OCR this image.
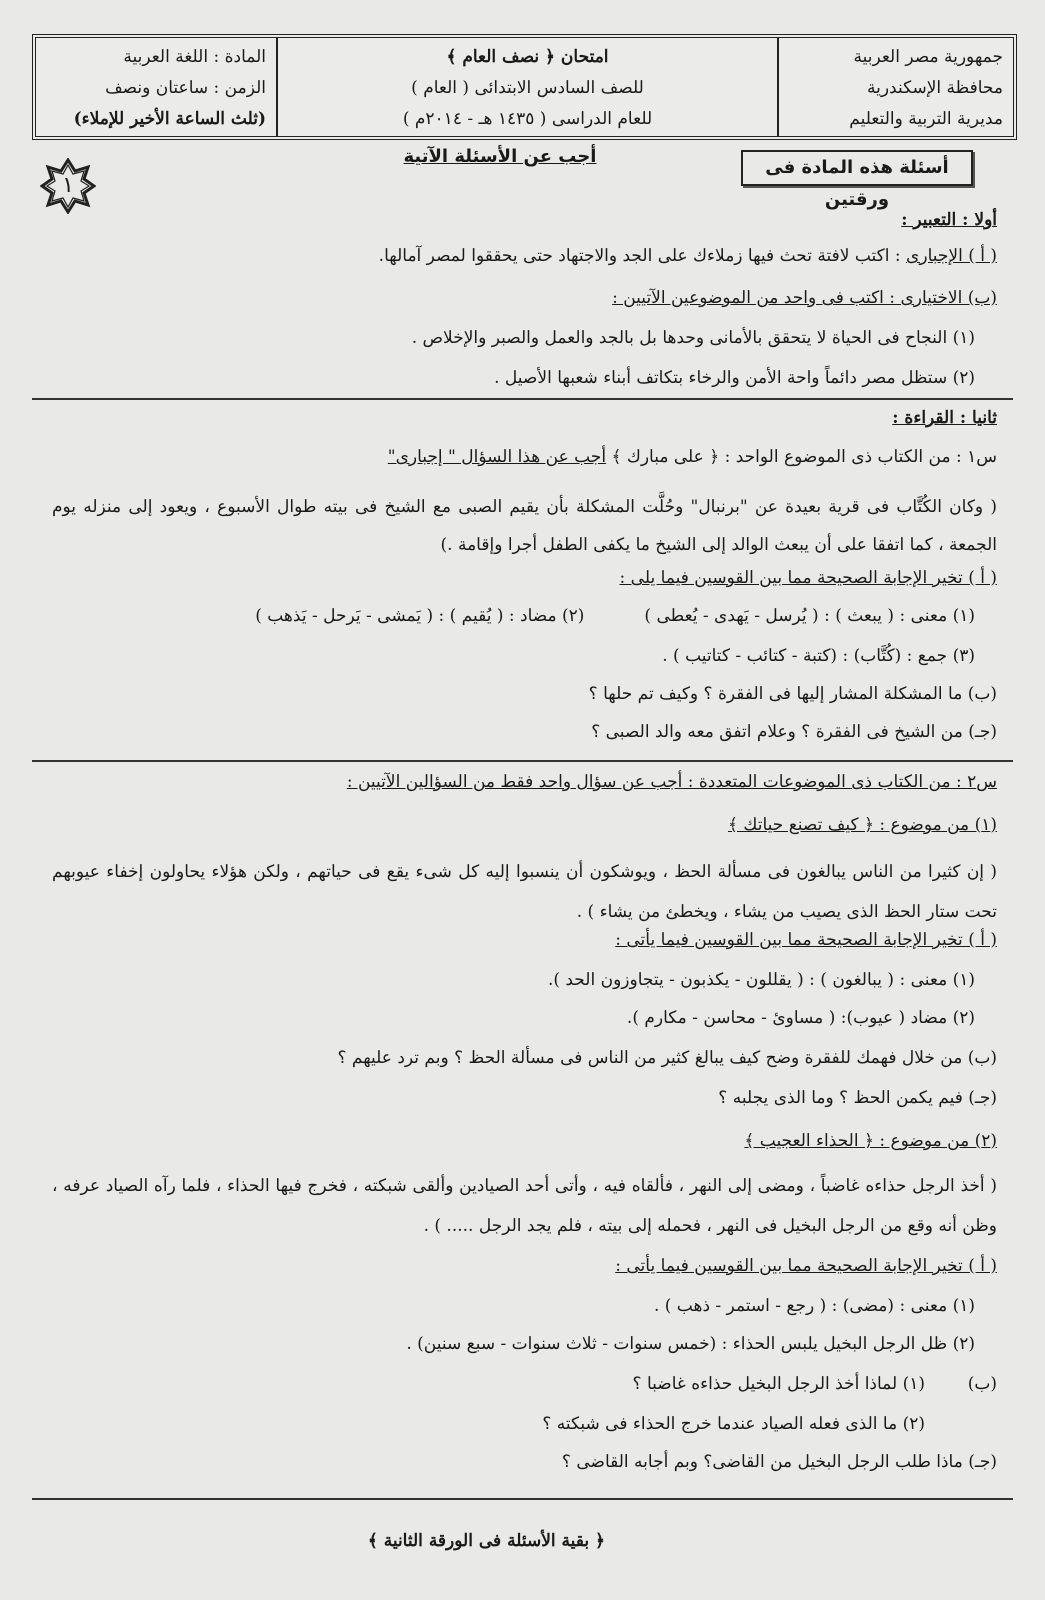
جمهورية مصر العربية
محافظة الإسكندرية
مديرية التربية والتعليم
امتحان ﴿ نصف العام ﴾
للصف السادس الابتدائى ( العام )
للعام الدراسى ( ١٤٣٥ هـ - ٢٠١٤م )
المادة : اللغة العربية
الزمن : ساعتان ونصف
(ثلث الساعة الأخير للإملاء)
أسئلة هذه المادة فى ورقتين
أجب عن الأسئلة الآتية
١
أولا : التعبير :
( أ ) الإجبارى : اكتب لافتة تحث فيها زملاءك على الجد والاجتهاد حتى يحققوا لمصر آمالها.
(ب) الاختيارى : اكتب فى واحد من الموضوعين الآتيين :
(١) النجاح فى الحياة لا يتحقق بالأمانى وحدها بل بالجد والعمل والصبر والإخلاص .
(٢) ستظل مصر دائماً واحة الأمن والرخاء بتكاتف أبناء شعبها الأصيل .
ثانيا : القراءة :
س١ : من الكتاب ذى الموضوع الواحد : ﴿ على مبارك ﴾ أجب عن هذا السؤال " إجبارى"
( وكان الكُتَّاب فى قرية بعيدة عن "برنبال" وحُلَّت المشكلة بأن يقيم الصبى مع الشيخ فى بيته طوال الأسبوع ، ويعود إلى منزله يوم الجمعة ، كما اتفقا على أن يبعث الوالد إلى الشيخ ما يكفى الطفل أجرا وإقامة .)
( أ ) تخير الإجابة الصحيحة مما بين القوسين فيما يلى :
(١) معنى : ( يبعث ) : ( يُرسل - يَهدى - يُعطى )(٢) مضاد : ( يُقيم ) : ( يَمشى - يَرحل - يَذهب )
(٣) جمع : (كُتَّاب) : (كتبة - كتائب - كتاتيب ) .
(ب) ما المشكلة المشار إليها فى الفقرة ؟ وكيف تم حلها ؟
(جـ) من الشيخ فى الفقرة ؟ وعلام اتفق معه والد الصبى ؟
س٢ : من الكتاب ذى الموضوعات المتعددة : أجب عن سؤال واحد فقط من السؤالين الآتيين :
(١) من موضوع : ﴿ كيف تصنع حياتك ﴾
( إن كثيرا من الناس يبالغون فى مسألة الحظ ، ويوشكون أن ينسبوا إليه كل شىء يقع فى حياتهم ، ولكن هؤلاء يحاولون إخفاء عيوبهم تحت ستار الحظ الذى يصيب من يشاء ، ويخطئ من يشاء ) .
( أ ) تخير الإجابة الصحيحة مما بين القوسين فيما يأتى :
(١) معنى : ( يبالغون ) : ( يقللون - يكذبون - يتجاوزون الحد ).
(٢) مضاد ( عيوب): ( مساوئ - محاسن - مكارم ).
(ب) من خلال فهمك للفقرة وضح كيف يبالغ كثير من الناس فى مسألة الحظ ؟ وبم ترد عليهم ؟
(جـ) فيم يكمن الحظ ؟ وما الذى يجلبه ؟
(٢) من موضوع : ﴿ الحذاء العجيب ﴾
( أخذ الرجل حذاءه غاضباً ، ومضى إلى النهر ، فألقاه فيه ، وأتى أحد الصيادين وألقى شبكته ، فخرج فيها الحذاء ، فلما رآه الصياد عرفه ، وظن أنه وقع من الرجل البخيل فى النهر ، فحمله إلى بيته ، فلم يجد الرجل ..... ) .
( أ ) تخير الإجابة الصحيحة مما بين القوسين فيما يأتى :
(١) معنى : (مضى) : ( رجع - استمر - ذهب ) .
(٢) ظل الرجل البخيل يلبس الحذاء : (خمس سنوات - ثلاث سنوات - سبع سنين) .
(ب)
(١) لماذا أخذ الرجل البخيل حذاءه غاضبا ؟
(٢) ما الذى فعله الصياد عندما خرج الحذاء فى شبكته ؟
(جـ) ماذا طلب الرجل البخيل من القاضى؟ وبم أجابه القاضى ؟
﴿ بقية الأسئلة فى الورقة الثانية ﴾
